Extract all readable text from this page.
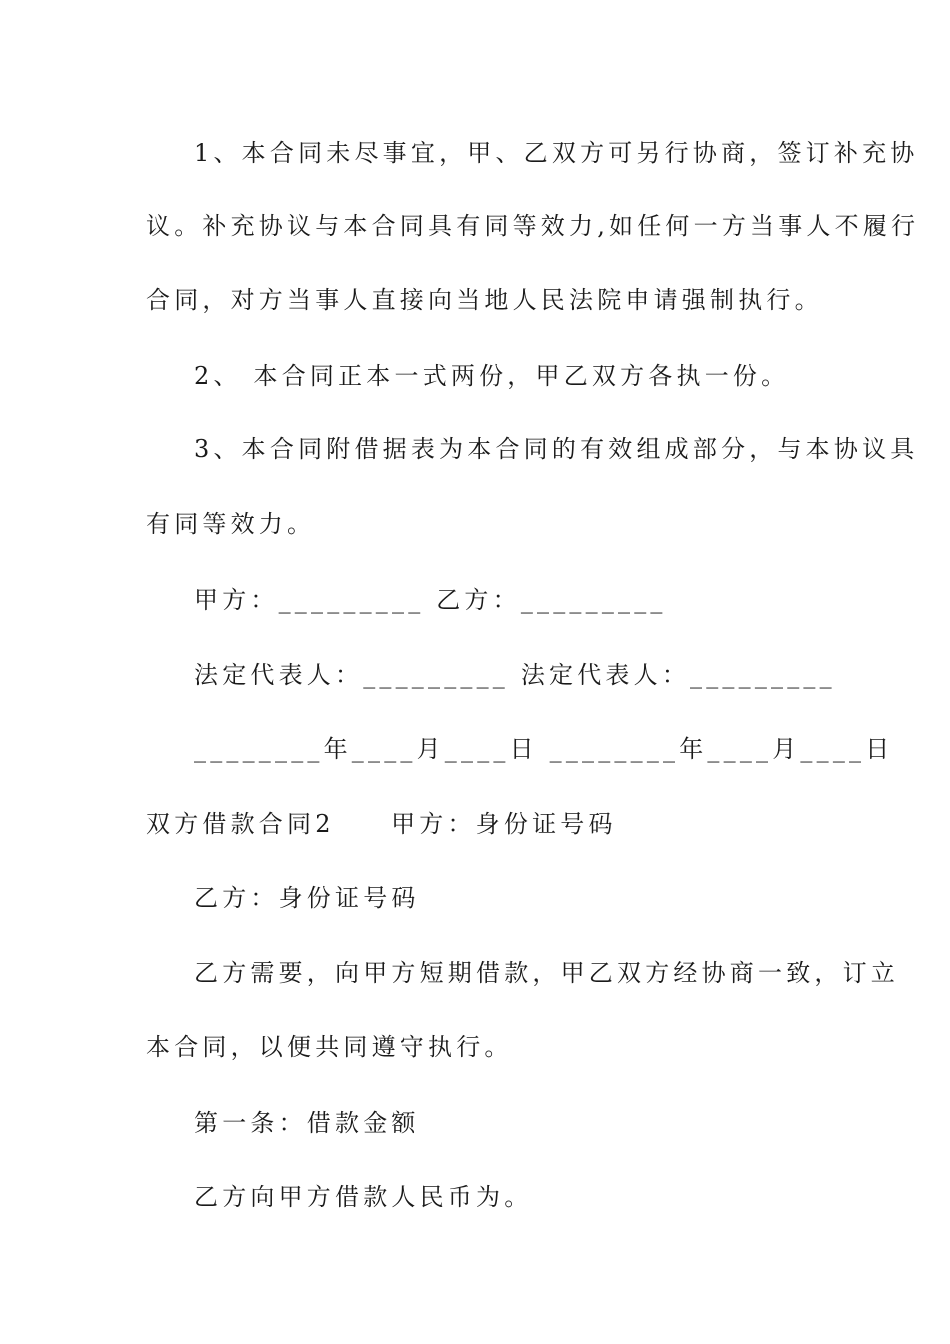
1、本合同未尽事宜，甲、乙双方可另行协商，签订补充协
议。补充协议与本合同具有同等效力,如任何一方当事人不履行
合同，对方当事人直接向当地人民法院申请强制执行。
2、 本合同正本一式两份，甲乙双方各执一份。
3、本合同附借据表为本合同的有效组成部分，与本协议具
有同等效力。
甲方：_________ 乙方：_________
法定代表人：_________ 法定代表人：_________
________年____月____日 ________年____月____日
双方借款合同2　　甲方：身份证号码
乙方：身份证号码
乙方需要，向甲方短期借款，甲乙双方经协商一致，订立
本合同，以便共同遵守执行。
第一条：借款金额
乙方向甲方借款人民币为。
